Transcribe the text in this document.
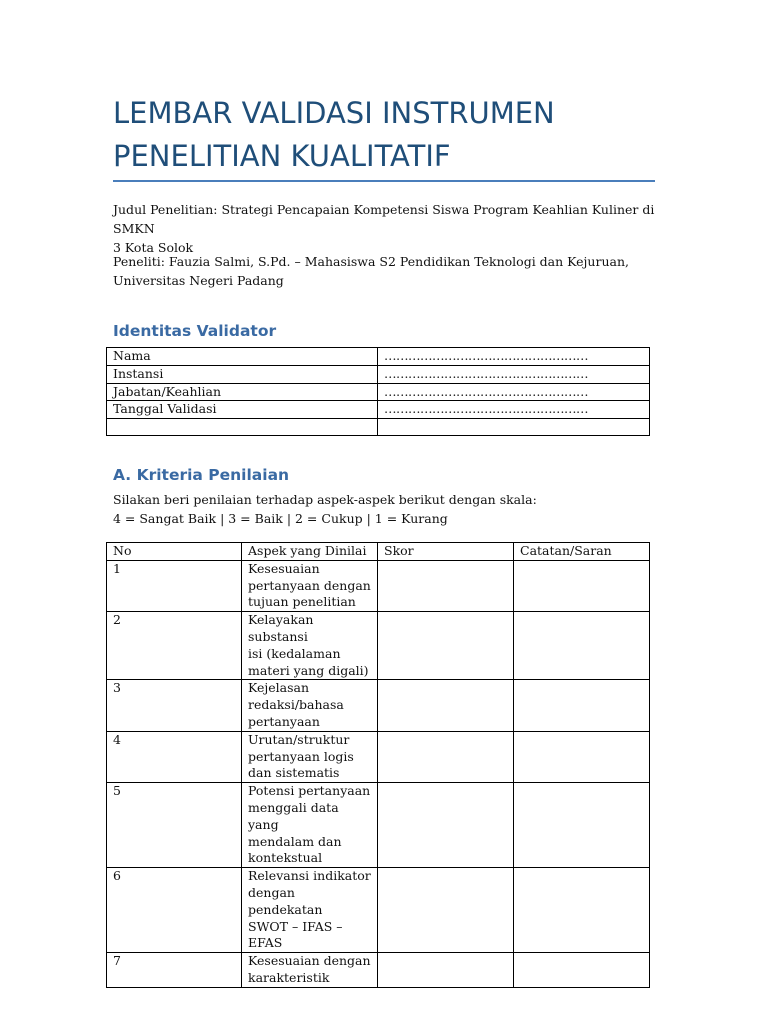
LEMBAR VALIDASI INSTRUMEN
PENELITIAN KUALITATIF
Judul Penelitian: Strategi Pencapaian Kompetensi Siswa Program Keahlian Kuliner di SMKN
3 Kota Solok
Peneliti: Fauzia Salmi, S.Pd. – Mahasiswa S2 Pendidikan Teknologi dan Kejuruan,
Universitas Negeri Padang
Identitas Validator
Nama	……………………………………………
Instansi	……………………………………………
Jabatan/Keahlian	……………………………………………
Tanggal Validasi	……………………………………………

A. Kriteria Penilaian
Silakan beri penilaian terhadap aspek-aspek berikut dengan skala:
4 = Sangat Baik | 3 = Baik | 2 = Cukup | 1 = Kurang
No	Aspek yang Dinilai	Skor	Catatan/Saran
1	Kesesuaian
pertanyaan dengan
tujuan penelitian		

2	Kelayakan substansi
isi (kedalaman
materi yang digali)		

3	Kejelasan
redaksi/bahasa
pertanyaan		

4	Urutan/struktur
pertanyaan logis
dan sistematis		

5	Potensi pertanyaan
menggali data yang
mendalam dan
kontekstual		

6	Relevansi indikator
dengan pendekatan
SWOT – IFAS – EFAS		

7	Kesesuaian dengan
karakteristik		
